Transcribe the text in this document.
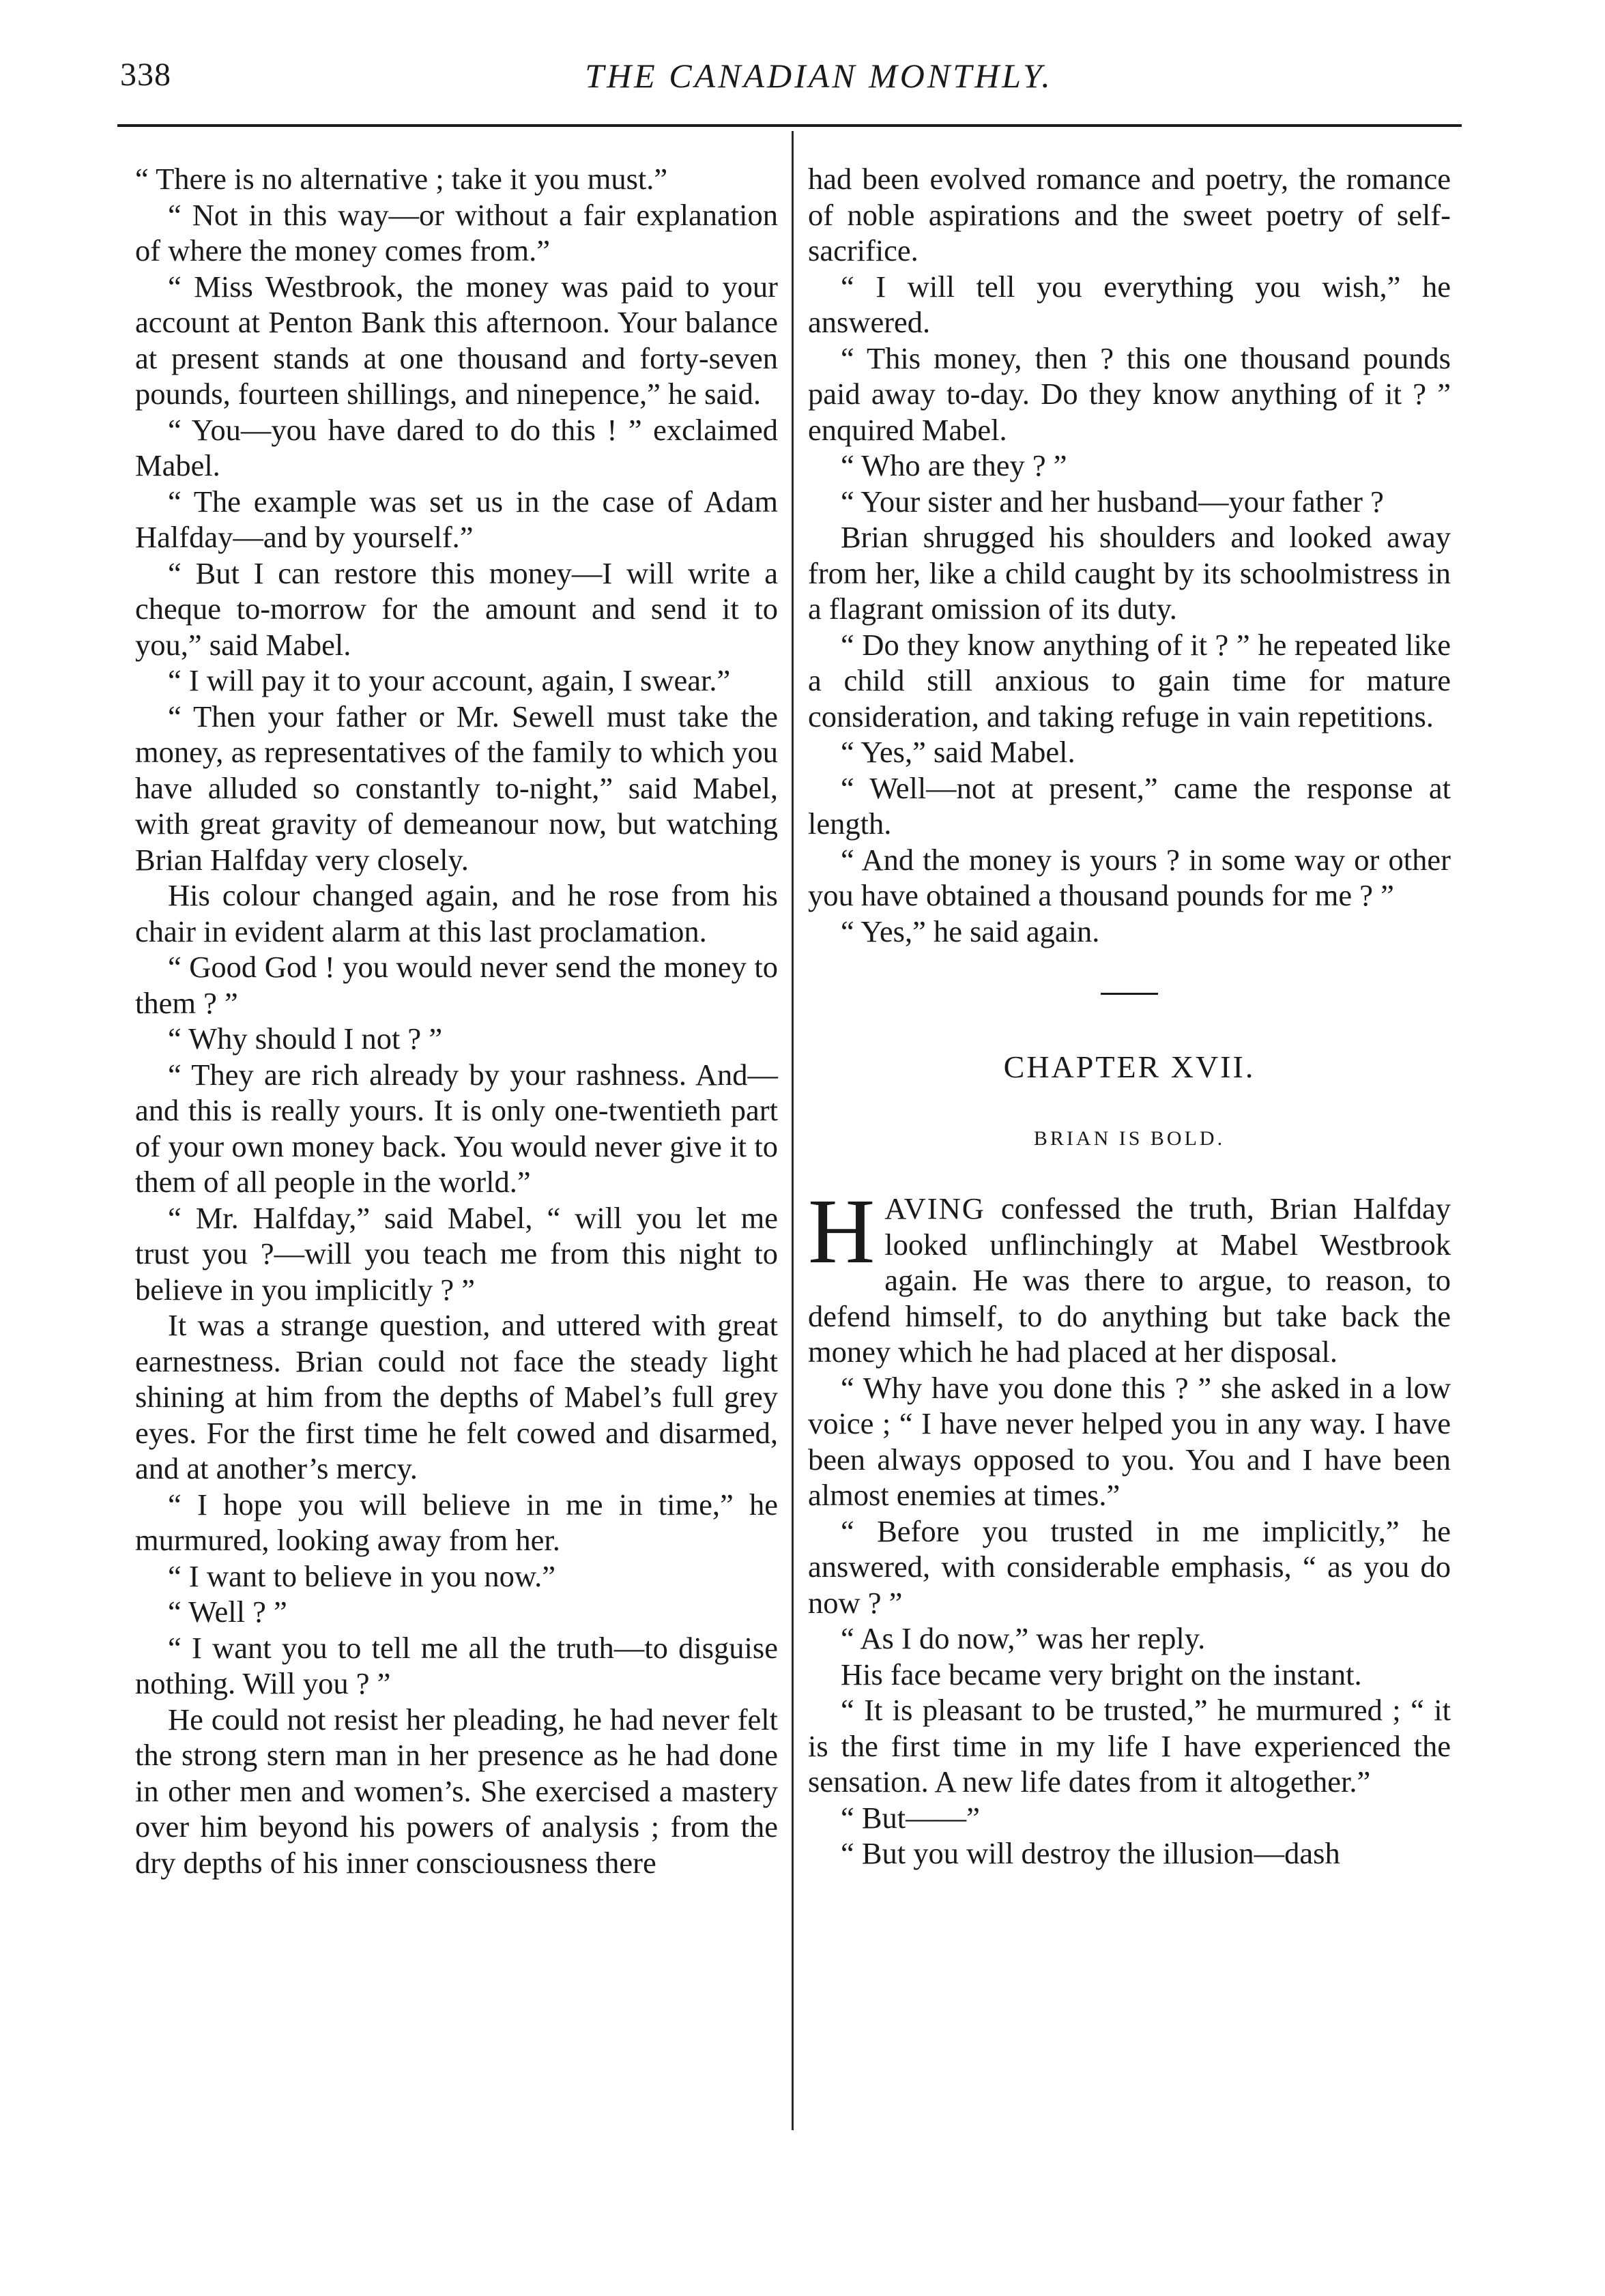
338	THE CANADIAN MONTHLY.

“ There is no alternative ; take it you must.”

“ Not in this way—or without a fair explanation of where the money comes from.”

“ Miss Westbrook, the money was paid to your account at Penton Bank this afternoon. Your balance at present stands at one thousand and forty-seven pounds, fourteen shillings, and ninepence,” he said.

“ You—you have dared to do this ! ” exclaimed Mabel.

“ The example was set us in the case of Adam Halfday—and by yourself.”

“ But I can restore this money—I will write a cheque to-morrow for the amount and send it to you,” said Mabel.

“ I will pay it to your account, again, I swear.”

“ Then your father or Mr. Sewell must take the money, as representatives of the family to which you have alluded so constantly to-night,” said Mabel, with great gravity of demeanour now, but watching Brian Halfday very closely.

His colour changed again, and he rose from his chair in evident alarm at this last proclamation.

“ Good God ! you would never send the money to them ? ”

“ Why should I not ? ”

“ They are rich already by your rashness. And—and this is really yours. It is only one-twentieth part of your own money back. You would never give it to them of all people in the world.”

“ Mr. Halfday,” said Mabel, “ will you let me trust you ?—will you teach me from this night to believe in you implicitly ? ”

It was a strange question, and uttered with great earnestness. Brian could not face the steady light shining at him from the depths of Mabel’s full grey eyes. For the first time he felt cowed and disarmed, and at another’s mercy.

“ I hope you will believe in me in time,” he murmured, looking away from her.

“ I want to believe in you now.”

“ Well ? ”

“ I want you to tell me all the truth—to disguise nothing. Will you ? ”

He could not resist her pleading, he had never felt the strong stern man in her presence as he had done in other men and women’s. She exercised a mastery over him beyond his powers of analysis ; from the dry depths of his inner consciousness there

had been evolved romance and poetry, the romance of noble aspirations and the sweet poetry of self-sacrifice.

“ I will tell you everything you wish,” he answered.

“ This money, then ? this one thousand pounds paid away to-day. Do they know anything of it ? ” enquired Mabel.

“ Who are they ? ”

“ Your sister and her husband—your father ?

Brian shrugged his shoulders and looked away from her, like a child caught by its schoolmistress in a flagrant omission of its duty.

“ Do they know anything of it ? ” he repeated like a child still anxious to gain time for mature consideration, and taking refuge in vain repetitions.

“ Yes,” said Mabel.

“ Well—not at present,” came the response at length.

“ And the money is yours ? in some way or other you have obtained a thousand pounds for me ? ”

“ Yes,” he said again.

CHAPTER XVII.
BRIAN IS BOLD.

HAVING confessed the truth, Brian Halfday looked unflinchingly at Mabel Westbrook again. He was there to argue, to reason, to defend himself, to do anything but take back the money which he had placed at her disposal.

“ Why have you done this ? ” she asked in a low voice ; “ I have never helped you in any way. I have been always opposed to you. You and I have been almost enemies at times.”

“ Before you trusted in me implicitly,” he answered, with considerable emphasis, “ as you do now ? ”

“ As I do now,” was her reply.

His face became very bright on the instant.

“ It is pleasant to be trusted,” he murmured ; “ it is the first time in my life I have experienced the sensation. A new life dates from it altogether.”

“ But——”

“ But you will destroy the illusion—dash
